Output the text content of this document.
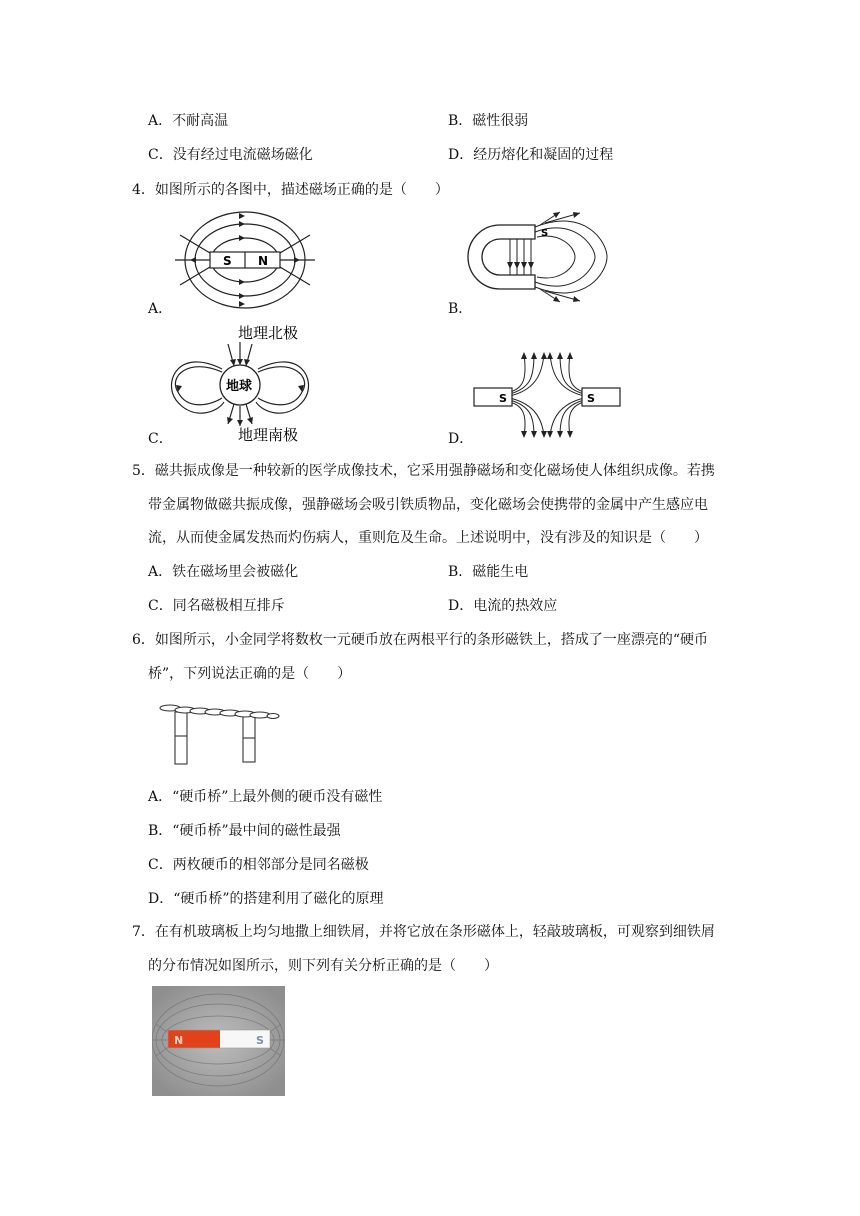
A．不耐高温	B．磁性很弱
C．没有经过电流磁场磁化	D．经历熔化和凝固的过程
4．如图所示的各图中，描述磁场正确的是（　　）
A．
S N
B．
S
C．
地球
地理北极
地理南极	D．
S	S
5．磁共振成像是一种较新的医学成像技术，它采用强静磁场和变化磁场使人体组织成像。若携
带金属物做磁共振成像，强静磁场会吸引铁质物品，变化磁场会使携带的金属中产生感应电
流，从而使金属发热而灼伤病人，重则危及生命。上述说明中，没有涉及的知识是（　　）
A．铁在磁场里会被磁化	B．磁能生电
C．同名磁极相互排斥	D．电流的热效应
6．如图所示，小金同学将数枚一元硬币放在两根平行的条形磁铁上，搭成了一座漂亮的“硬币
桥”，下列说法正确的是（　　）
A．“硬币桥”上最外侧的硬币没有磁性
B．“硬币桥”最中间的磁性最强
C．两枚硬币的相邻部分是同名磁极
D．“硬币桥”的搭建利用了磁化的原理
7．在有机玻璃板上均匀地撒上细铁屑，并将它放在条形磁体上，轻敲玻璃板，可观察到细铁屑
的分布情况如图所示，则下列有关分析正确的是（　　）
N	S
